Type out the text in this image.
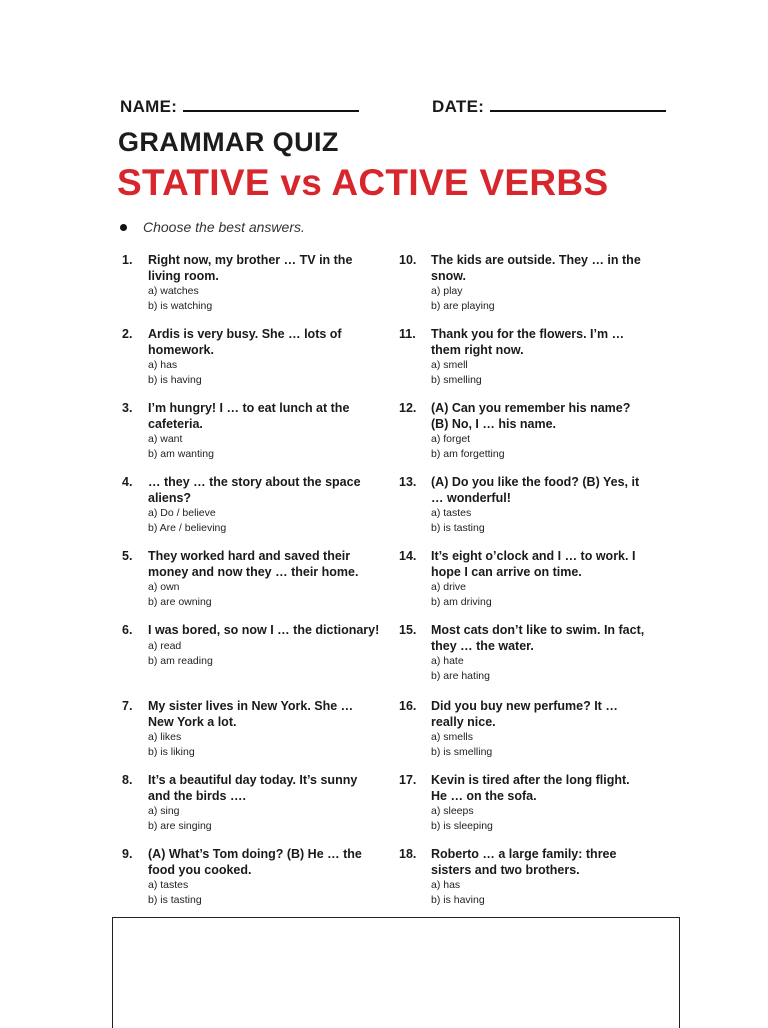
NAME:	DATE:
GRAMMAR QUIZ
STATIVE vs ACTIVE VERBS
Choose the best answers.
1. Right now, my brother … TV in the living room.
a) watches
b) is watching
2. Ardis is very busy. She … lots of homework.
a) has
b) is having
3. I’m hungry! I … to eat lunch at the cafeteria.
a) want
b) am wanting
4. … they … the story about the space aliens?
a) Do / believe
b) Are / believing
5. They worked hard and saved their money and now they … their home.
a) own
b) are owning
6. I was bored, so now I … the dictionary!
a) read
b) am reading
7. My sister lives in New York. She … New York a lot.
a) likes
b) is liking
8. It’s a beautiful day today. It’s sunny and the birds ….
a) sing
b) are singing
9. (A) What’s Tom doing? (B) He … the food you cooked.
a) tastes
b) is tasting
10. The kids are outside. They … in the snow.
a) play
b) are playing
11. Thank you for the flowers. I’m … them right now.
a) smell
b) smelling
12. (A) Can you remember his name? (B) No, I … his name.
a) forget
b) am forgetting
13. (A) Do you like the food? (B) Yes, it … wonderful!
a) tastes
b) is tasting
14. It’s eight o’clock and I … to work. I hope I can arrive on time.
a) drive
b) am driving
15. Most cats don’t like to swim. In fact, they … the water.
a) hate
b) are hating
16. Did you buy new perfume? It … really nice.
a) smells
b) is smelling
17. Kevin is tired after the long flight. He … on the sofa.
a) sleeps
b) is sleeping
18. Roberto … a large family: three sisters and two brothers.
a) has
b) is having
